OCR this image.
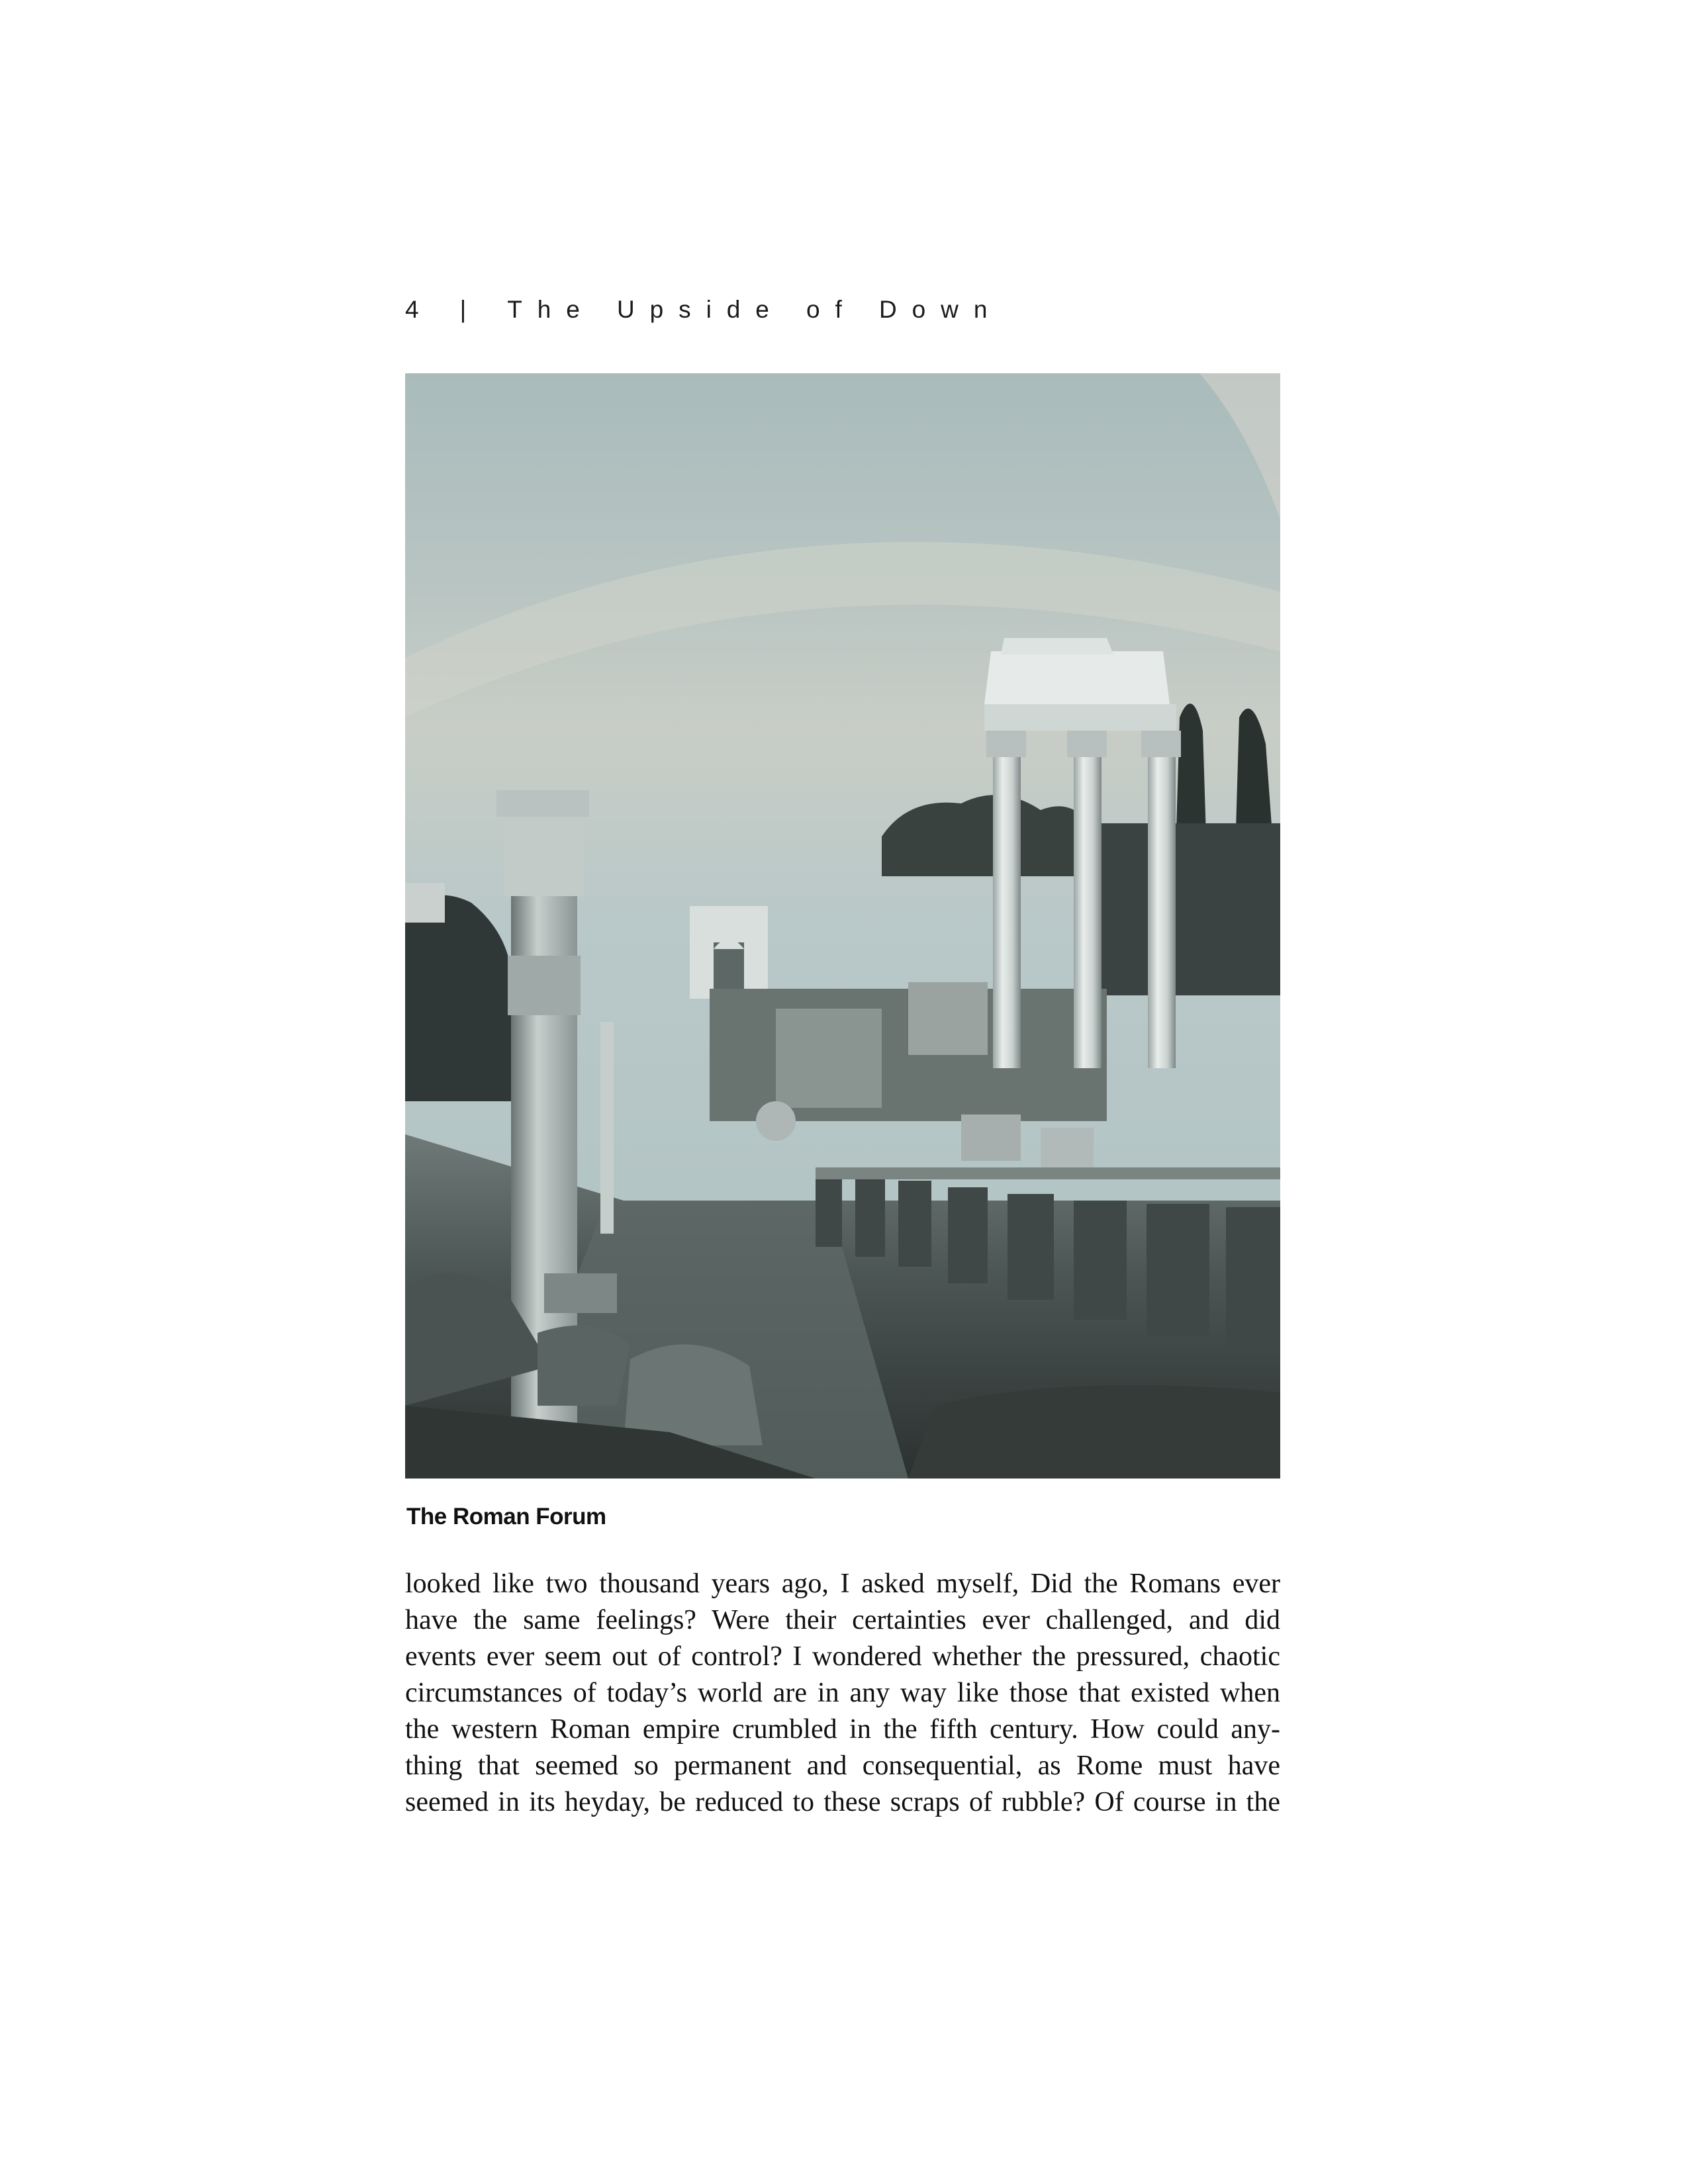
4 | The Upside of Down
The Roman Forum
looked like two thousand years ago, I asked myself, Did the Romans ever
have the same feelings? Were their certainties ever challenged, and did
events ever seem out of control? I wondered whether the pressured, chaotic
circumstances of today’s world are in any way like those that existed when
the western Roman empire crumbled in the fifth century. How could any-
thing that seemed so permanent and consequential, as Rome must have
seemed in its heyday, be reduced to these scraps of rubble? Of course in the
